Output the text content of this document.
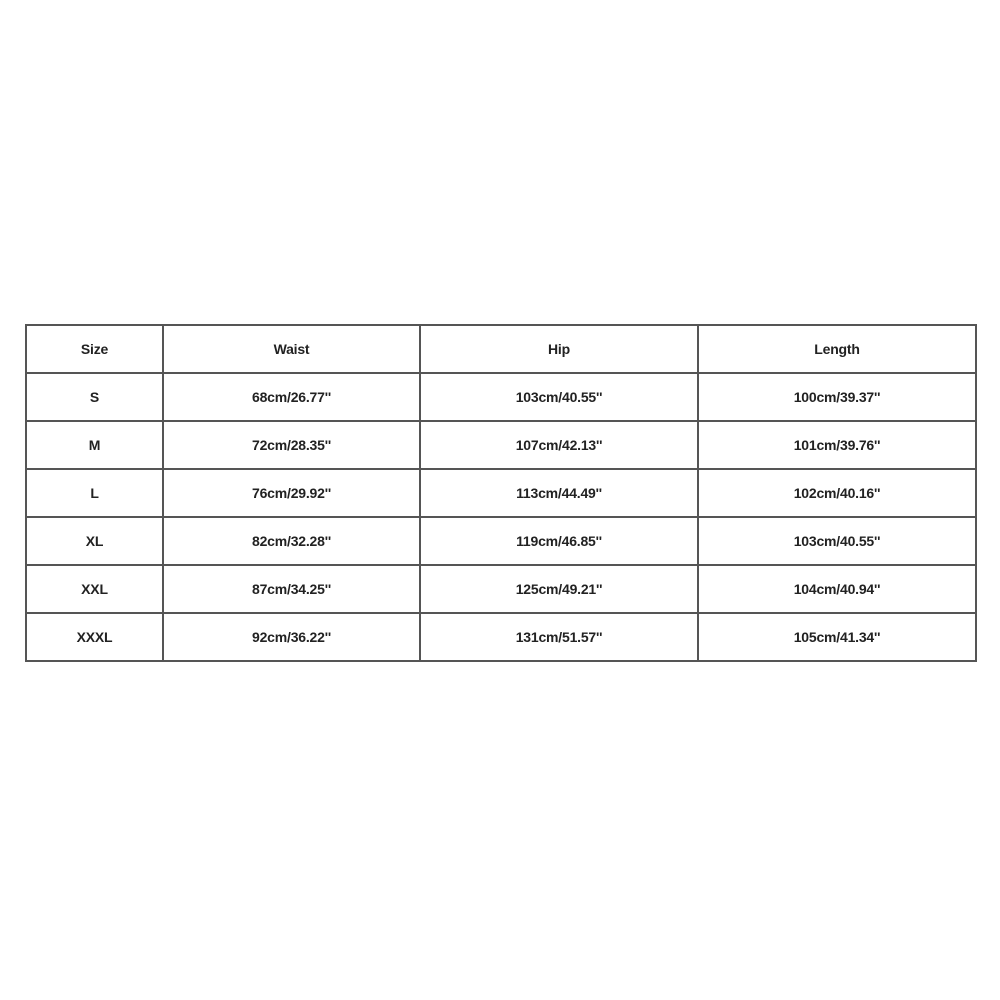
Size	Waist	Hip	Length
S	68cm/26.77''	103cm/40.55''	100cm/39.37''
M	72cm/28.35''	107cm/42.13''	101cm/39.76''
L	76cm/29.92''	113cm/44.49''	102cm/40.16''
XL	82cm/32.28''	119cm/46.85''	103cm/40.55''
XXL	87cm/34.25''	125cm/49.21''	104cm/40.94''
XXXL	92cm/36.22''	131cm/51.57''	105cm/41.34''
